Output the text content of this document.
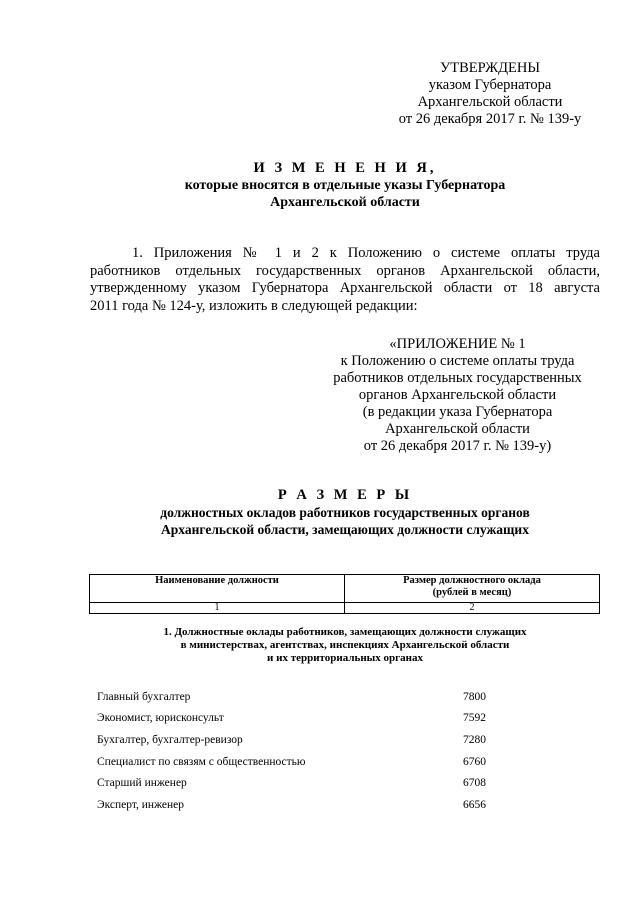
УТВЕРЖДЕНЫ
указом Губернатора
Архангельской области
от 26 декабря 2017 г. № 139-у
И З М Е Н Е Н И Я,
которые вносятся в отдельные указы Губернатора
Архангельской области
1. Приложения № 1 и 2 к Положению о системе оплаты труда
работников отдельных государственных органов Архангельской области,
утвержденному указом Губернатора Архангельской области от 18 августа
2011 года № 124-у, изложить в следующей редакции:
«ПРИЛОЖЕНИЕ № 1
к Положению о системе оплаты труда
работников отдельных государственных
органов Архангельской области
(в редакции указа Губернатора
Архангельской области
от 26 декабря 2017 г. № 139-у)
Р А З М Е Р Ы
должностных окладов работников государственных органов
Архангельской области, замещающих должности служащих
Наименование должности	Размер должностного оклада
(рублей в месяц)
1	2
1. Должностные оклады работников, замещающих должности служащих
в министерствах, агентствах, инспекциях Архангельской области
и их территориальных органах
Главный бухгалтер	7800
Экономист, юрисконсульт	7592
Бухгалтер, бухгалтер-ревизор	7280
Специалист по связям с общественностью	6760
Старший инженер	6708
Эксперт, инженер	6656
